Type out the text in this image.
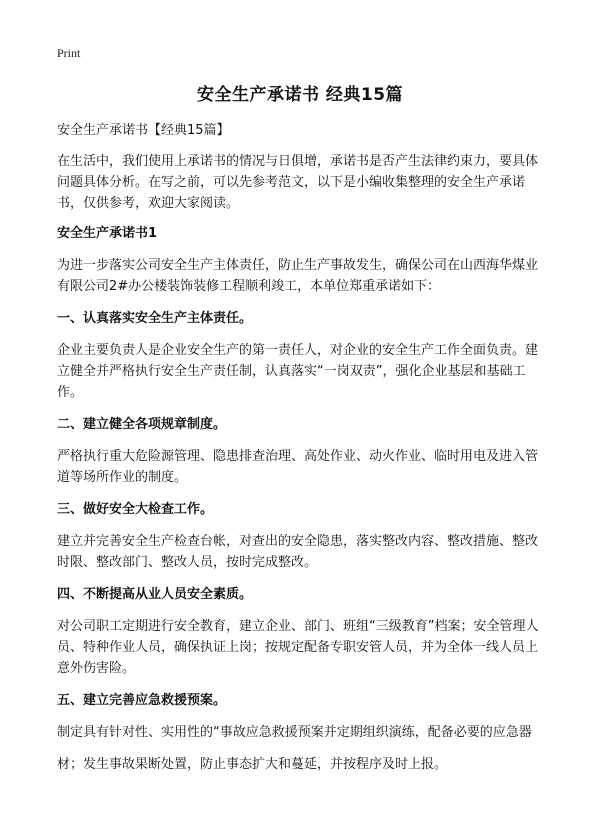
Print
安全生产承诺书 经典15篇

安全生产承诺书【经典15篇】

在生活中，我们使用上承诺书的情况与日俱增，承诺书是否产生法律约束力，要具体问题具体分析。在写之前，可以先参考范文，以下是小编收集整理的安全生产承诺书，仅供参考，欢迎大家阅读。

安全生产承诺书1

为进一步落实公司安全生产主体责任，防止生产事故发生，确保公司在山西海华煤业有限公司2#办公楼装饰装修工程顺利竣工，本单位郑重承诺如下：

一、认真落实安全生产主体责任。

企业主要负责人是企业安全生产的第一责任人，对企业的安全生产工作全面负责。建立健全并严格执行安全生产责任制，认真落实“一岗双责”，强化企业基层和基础工作。

二、建立健全各项规章制度。

严格执行重大危险源管理、隐患排查治理、高处作业、动火作业、临时用电及进入管道等场所作业的制度。

三、做好安全大检查工作。

建立并完善安全生产检查台帐，对查出的安全隐患，落实整改内容、整改措施、整改时限、整改部门、整改人员，按时完成整改。

四、不断提高从业人员安全素质。

对公司职工定期进行安全教育，建立企业、部门、班组“三级教育”档案；安全管理人员、特种作业人员，确保执证上岗；按规定配备专职安管人员，并为全体一线人员上意外伤害险。

五、建立完善应急救援预案。

制定具有针对性、实用性的“事故应急救援预案并定期组织演练，配备必要的应急器

材；发生事故果断处置，防止事态扩大和蔓延，并按程序及时上报。
